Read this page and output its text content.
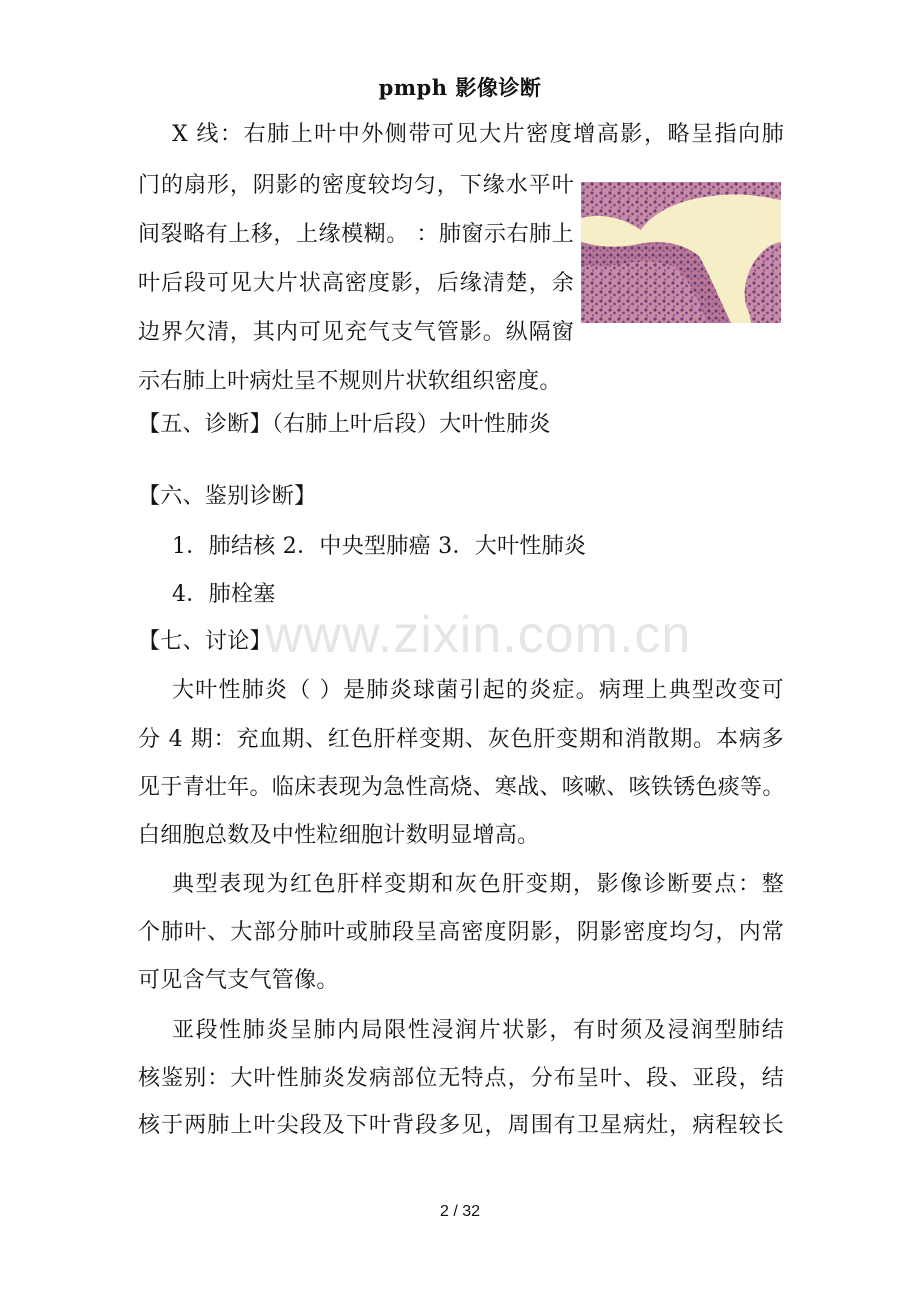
pmph 影像诊断
X 线：右肺上叶中外侧带可见大片密度增高影，略呈指向肺
门的扇形，阴影的密度较均匀，下缘水平叶
间裂略有上移，上缘模糊。 ：肺窗示右肺上
叶后段可见大片状高密度影，后缘清楚，余
边界欠清，其内可见充气支气管影。纵隔窗
示右肺上叶病灶呈不规则片状软组织密度。
【五、诊断】（右肺上叶后段）大叶性肺炎
【六、鉴别诊断】
1．肺结核 2．中央型肺癌 3．大叶性肺炎
4．肺栓塞
【七、讨论】
大叶性肺炎（ ）是肺炎球菌引起的炎症。病理上典型改变可
分 4 期：充血期、红色肝样变期、灰色肝变期和消散期。本病多
见于青壮年。临床表现为急性高烧、寒战、咳嗽、咳铁锈色痰等。
白细胞总数及中性粒细胞计数明显增高。
典型表现为红色肝样变期和灰色肝变期，影像诊断要点：整
个肺叶、大部分肺叶或肺段呈高密度阴影，阴影密度均匀，内常
可见含气支气管像。
亚段性肺炎呈肺内局限性浸润片状影，有时须及浸润型肺结
核鉴别：大叶性肺炎发病部位无特点，分布呈叶、段、亚段，结
核于两肺上叶尖段及下叶背段多见，周围有卫星病灶，病程较长
www.zixin.com.cn
2 / 32
